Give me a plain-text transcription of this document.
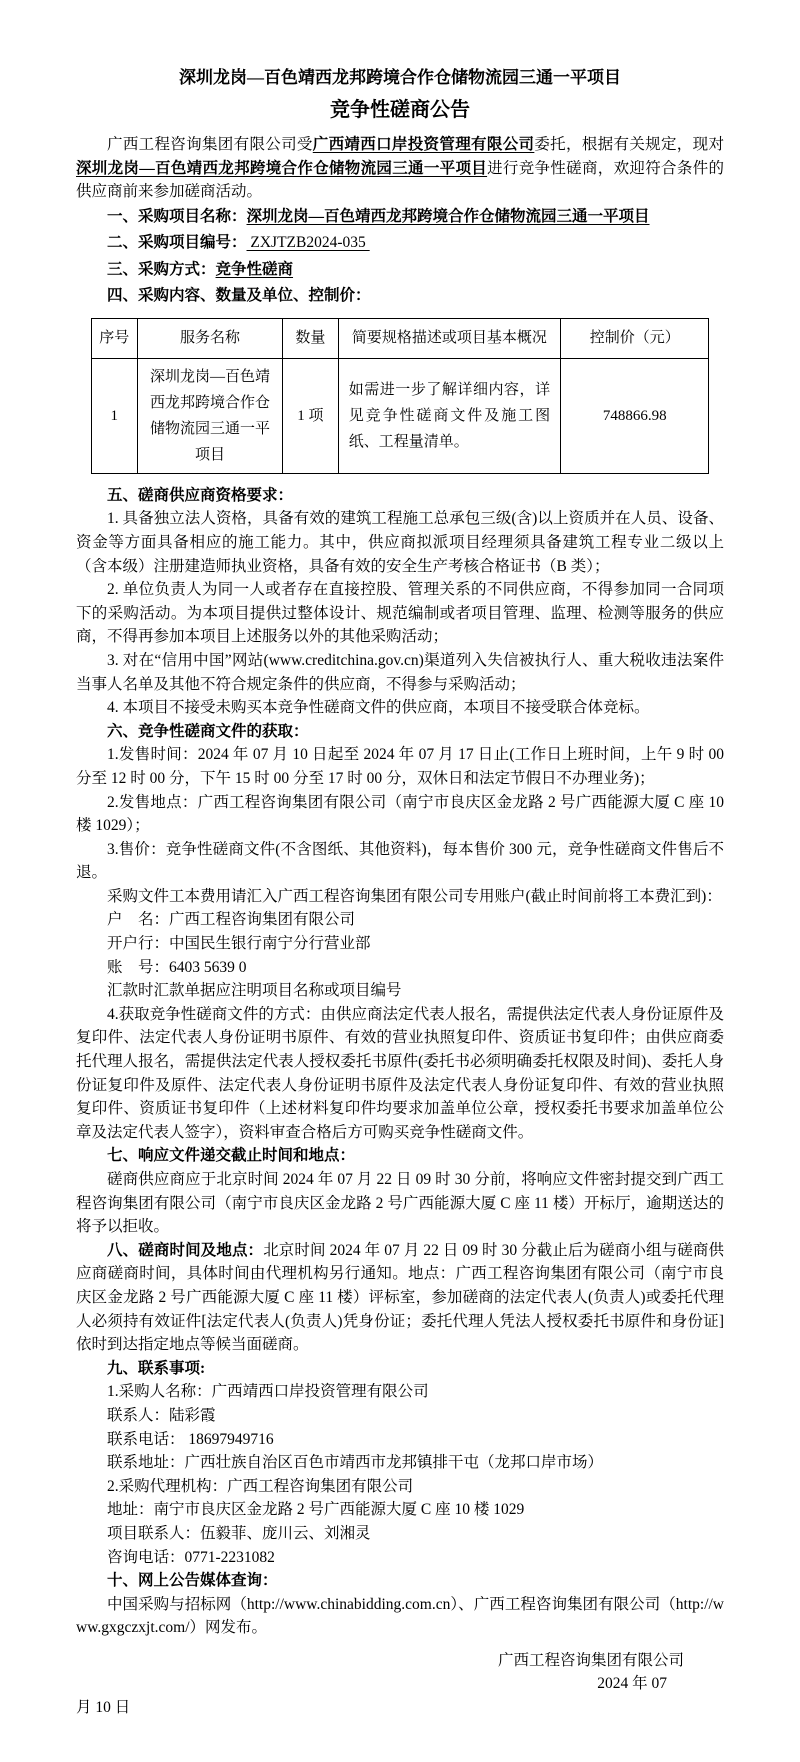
深圳龙岗—百色靖西龙邦跨境合作仓储物流园三通一平项目

竞争性磋商公告

广西工程咨询集团有限公司受广西靖西口岸投资管理有限公司委托，根据有关规定，现对深圳龙岗—百色靖西龙邦跨境合作仓储物流园三通一平项目进行竞争性磋商，欢迎符合条件的供应商前来参加磋商活动。

一、采购项目名称：深圳龙岗—百色靖西龙邦跨境合作仓储物流园三通一平项目

二、采购项目编号： ZXJTZB2024-035

三、采购方式：竞争性磋商

四、采购内容、数量及单位、控制价：

序号	服务名称	数量	简要规格描述或项目基本概况	控制价（元）
1	深圳龙岗—百色靖西龙邦跨境合作仓储物流园三通一平项目	1 项	如需进一步了解详细内容，详见竞争性磋商文件及施工图纸、工程量清单。	748866.98

五、磋商供应商资格要求：

1. 具备独立法人资格，具备有效的建筑工程施工总承包三级(含)以上资质并在人员、设备、资金等方面具备相应的施工能力。其中，供应商拟派项目经理须具备建筑工程专业二级以上（含本级）注册建造师执业资格，具备有效的安全生产考核合格证书（B 类）；

2. 单位负责人为同一人或者存在直接控股、管理关系的不同供应商，不得参加同一合同项下的采购活动。为本项目提供过整体设计、规范编制或者项目管理、监理、检测等服务的供应商，不得再参加本项目上述服务以外的其他采购活动；

3. 对在“信用中国”网站(www.creditchina.gov.cn)渠道列入失信被执行人、重大税收违法案件当事人名单及其他不符合规定条件的供应商，不得参与采购活动；

4. 本项目不接受未购买本竞争性磋商文件的供应商，本项目不接受联合体竞标。

六、竞争性磋商文件的获取：

1.发售时间：2024 年 07 月 10 日起至 2024 年 07 月 17 日止(工作日上班时间，上午 9 时 00 分至 12 时 00 分，下午 15 时 00 分至 17 时 00 分，双休日和法定节假日不办理业务)；

2.发售地点：广西工程咨询集团有限公司（南宁市良庆区金龙路 2 号广西能源大厦 C 座 10 楼 1029）；

3.售价：竞争性磋商文件(不含图纸、其他资料)，每本售价 300 元，竞争性磋商文件售后不退。

采购文件工本费用请汇入广西工程咨询集团有限公司专用账户(截止时间前将工本费汇到)：

户　名：广西工程咨询集团有限公司

开户行：中国民生银行南宁分行营业部

账　号：6403 5639 0

汇款时汇款单据应注明项目名称或项目编号

4.获取竞争性磋商文件的方式：由供应商法定代表人报名，需提供法定代表人身份证原件及复印件、法定代表人身份证明书原件、有效的营业执照复印件、资质证书复印件；由供应商委托代理人报名，需提供法定代表人授权委托书原件(委托书必须明确委托权限及时间)、委托人身份证复印件及原件、法定代表人身份证明书原件及法定代表人身份证复印件、有效的营业执照复印件、资质证书复印件（上述材料复印件均要求加盖单位公章，授权委托书要求加盖单位公章及法定代表人签字），资料审查合格后方可购买竞争性磋商文件。

七、响应文件递交截止时间和地点：

磋商供应商应于北京时间 2024 年 07 月 22 日 09 时 30 分前，将响应文件密封提交到广西工程咨询集团有限公司（南宁市良庆区金龙路 2 号广西能源大厦 C 座 11 楼）开标厅，逾期送达的将予以拒收。

八、磋商时间及地点：北京时间 2024 年 07 月 22 日 09 时 30 分截止后为磋商小组与磋商供应商磋商时间，具体时间由代理机构另行通知。地点：广西工程咨询集团有限公司（南宁市良庆区金龙路 2 号广西能源大厦 C 座 11 楼）评标室，参加磋商的法定代表人(负责人)或委托代理人必须持有效证件[法定代表人(负责人)凭身份证；委托代理人凭法人授权委托书原件和身份证]依时到达指定地点等候当面磋商。

九、联系事项:

1.采购人名称：广西靖西口岸投资管理有限公司

联系人：陆彩霞

联系电话： 18697949716

联系地址：广西壮族自治区百色市靖西市龙邦镇排干屯（龙邦口岸市场）

2.采购代理机构：广西工程咨询集团有限公司

地址：南宁市良庆区金龙路 2 号广西能源大厦 C 座 10 楼 1029

项目联系人：伍毅菲、庞川云、刘湘灵

咨询电话：0771-2231082

十、网上公告媒体查询：

中国采购与招标网（http://www.chinabidding.com.cn）、广西工程咨询集团有限公司（http://www.gxgczxjt.com/）网发布。

广西工程咨询集团有限公司

2024 年 07

月 10 日
